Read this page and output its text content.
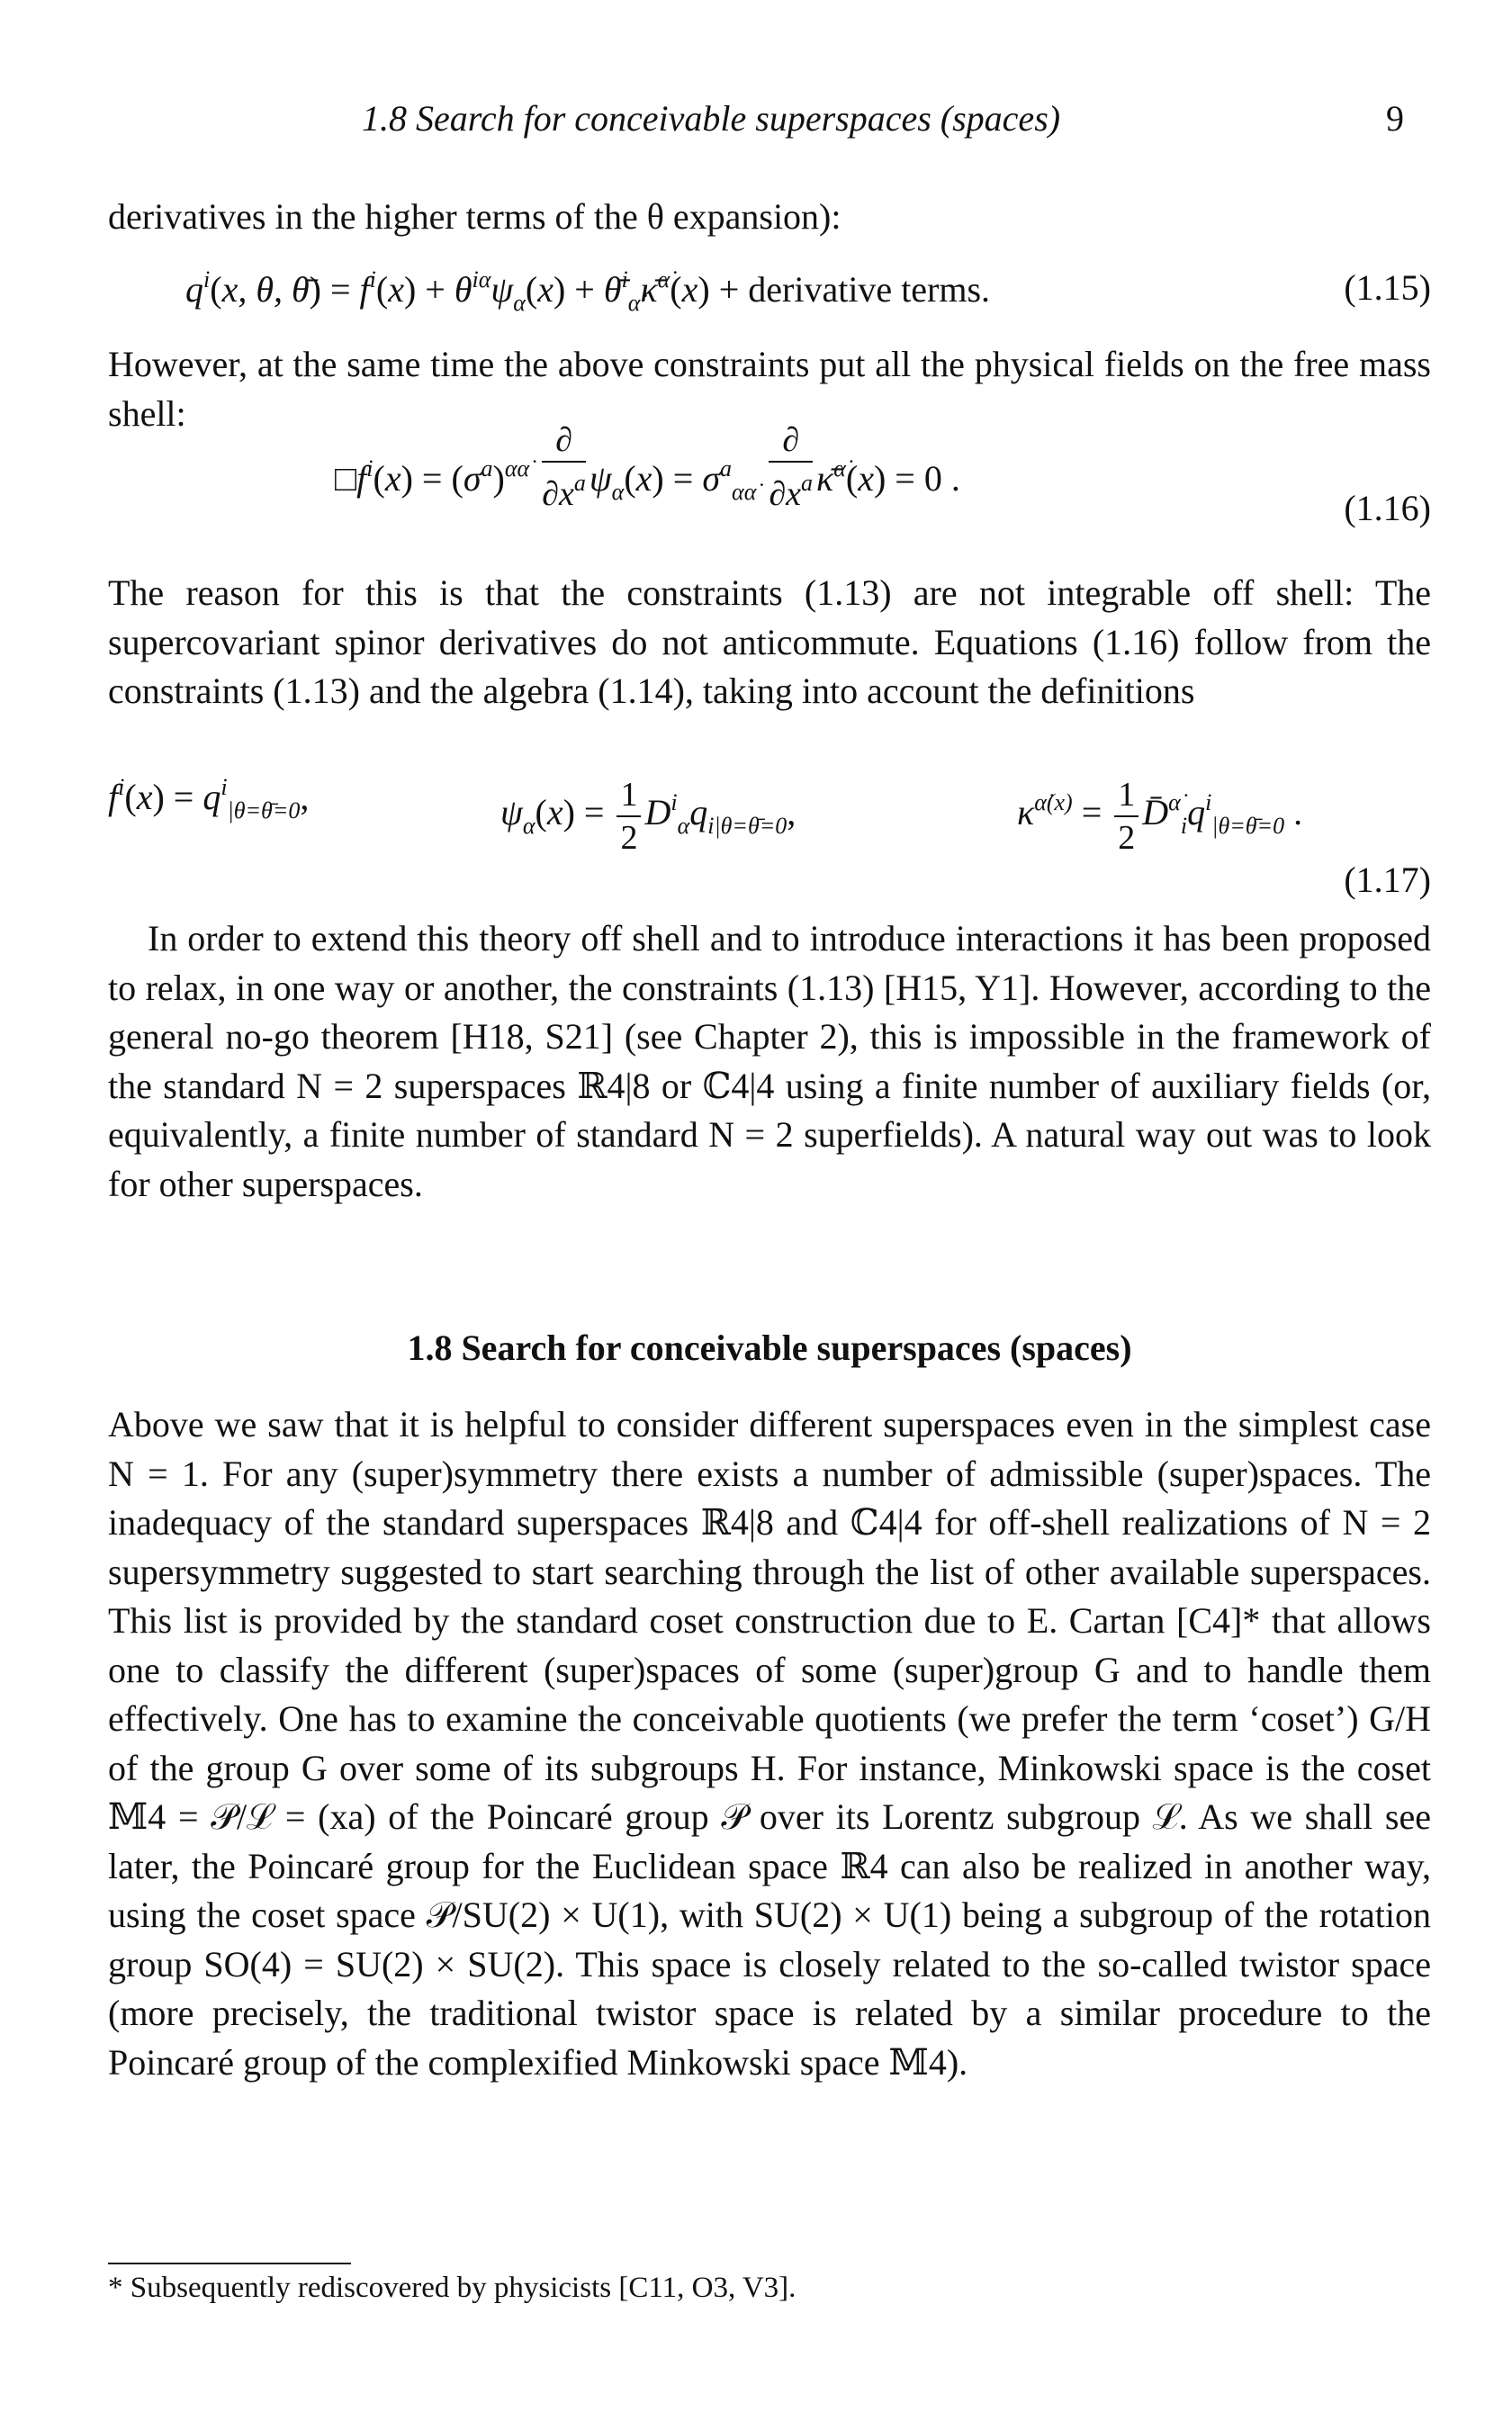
1.8 Search for conceivable superspaces (spaces)	9

derivatives in the higher terms of the θ expansion):

$q^i(x$, θ, θ̄) = $f^i(x) + \theta^{i\alpha}\psi_\alpha(x)$ + θ̄$^i_{\alphȧ}$κ̄$^{\alphȧ}$(x) + derivative terms.	(1.15)

However, at the same time the above constraints put all the physical fields on the free mass shell:

$□f^i(x) = (\sigma^a)^{\alpha\alphȧ} \frac{\partial}{\partial x^a} \psi_\alpha(x) = \sigma^a_{\alpha\alphȧ} \frac{\partial}{\partial x^a}$ κ̄$^{\alphȧ}$(x) = 0 .
(1.16)

The reason for this is that the constraints (1.13) are not integrable off shell: The supercovariant spinor derivatives do not anticommute. Equations (1.16) follow from the constraints (1.13) and the algebra (1.14), taking into account the definitions

$f^i(x) = q^i_{|\theta=\thetā=0}$,	$\psi_\alpha(x) = \frac{1}{2} D^i_\alpha q_{i|\theta=\thetā=0}$,	$\kappa^{\alphȧ(x)} = \frac{1}{2}$ $D̄^{\alphȧ}_iq^i_{|\theta=\thetā=0}$ .
(1.17)

In order to extend this theory off shell and to introduce interactions it has been proposed to relax, in one way or another, the constraints (1.13) [H15, Y1]. However, according to the general no-go theorem [H18, S21] (see Chapter 2), this is impossible in the framework of the standard N = 2 superspaces ℝ4|8 or ℂ4|4 using a finite number of auxiliary fields (or, equivalently, a finite number of standard N = 2 superfields). A natural way out was to look for other superspaces.

1.8 Search for conceivable superspaces (spaces)

Above we saw that it is helpful to consider different superspaces even in the simplest case N = 1. For any (super)symmetry there exists a number of admissible (super)spaces. The inadequacy of the standard superspaces ℝ4|8 and ℂ4|4 for off-shell realizations of N = 2 supersymmetry suggested to start searching through the list of other available superspaces. This list is provided by the standard coset construction due to E. Cartan [C4]* that allows one to classify the different (super)spaces of some (super)group G and to handle them effectively. One has to examine the conceivable quotients (we prefer the term ‘coset’) G/H of the group G over some of its subgroups H. For instance, Minkowski space is the coset 𝕄4 = 𝒫/ℒ = (xa) of the Poincaré group 𝒫 over its Lorentz subgroup ℒ. As we shall see later, the Poincaré group for the Euclidean space ℝ4 can also be realized in another way, using the coset space 𝒫/SU(2) × U(1), with SU(2) × U(1) being a subgroup of the rotation group SO(4) = SU(2) × SU(2). This space is closely related to the so-called twistor space (more precisely, the traditional twistor space is related by a similar procedure to the Poincaré group of the complexified Minkowski space 𝕄4).

* Subsequently rediscovered by physicists [C11, O3, V3].
